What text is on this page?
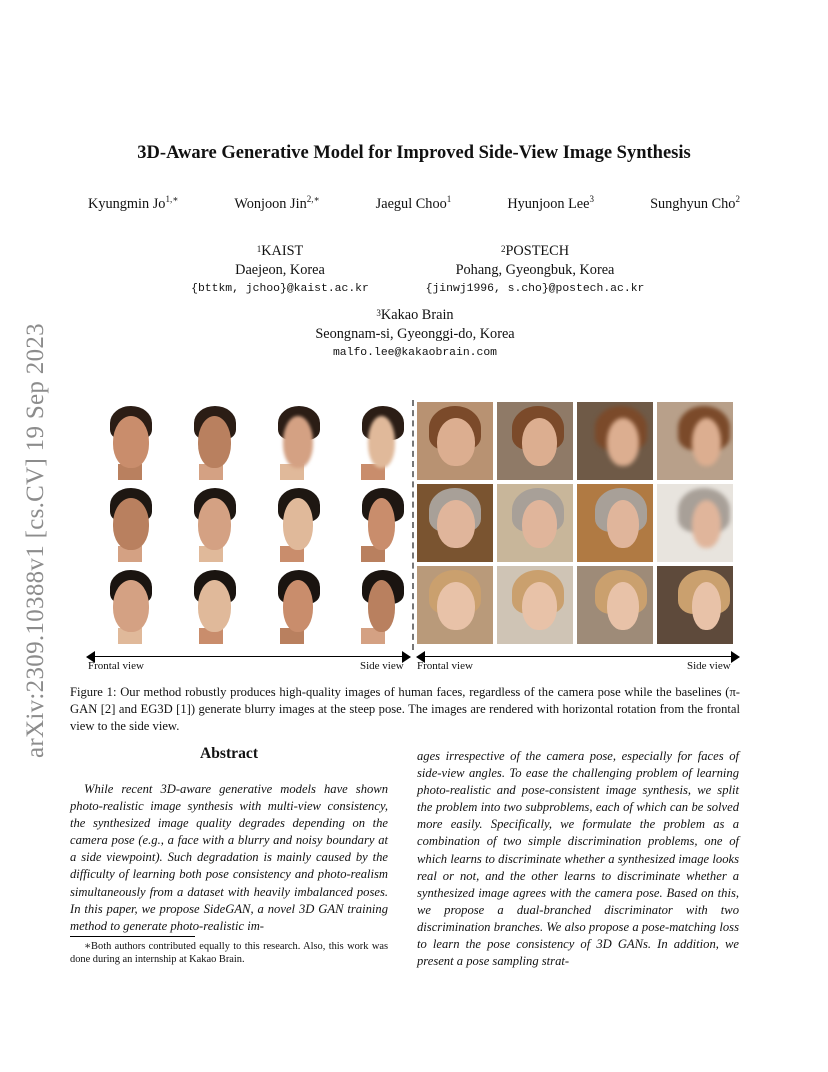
arXiv:2309.10388v1 [cs.CV] 19 Sep 2023
3D-Aware Generative Model for Improved Side-View Image Synthesis
Kyungmin $Jo^{1,∗}$	Wonjoon Jin$^{2,∗}$	Jaegul Choo$^1$	Hyunjoon Lee$^3$	Sunghyun Cho$^2$
$^1$KAIST
Daejeon, Korea
{bttkm, jchoo}@kaist.ac.kr
$^2$POSTECH
Pohang, Gyeongbuk, Korea
{jinwj1996, s.cho}@postech.ac.kr
$^3$Kakao Brain
Seongnam-si, Gyeonggi-do, Korea
malfo.lee@kakaobrain.com
Frontal view	Side view Frontal view	Side view
Figure 1: Our method robustly produces high-quality images of human faces, regardless of the camera pose while the baselines (π-GAN [2] and EG3D [1]) generate blurry images at the steep pose. The images are rendered with horizontal rotation from the frontal view to the side view.
Abstract
While recent 3D-aware generative models have shown photo-realistic image synthesis with multi-view consistency, the synthesized image quality degrades depending on the camera pose (e.g., a face with a blurry and noisy boundary at a side viewpoint). Such degradation is mainly caused by the difficulty of learning both pose consistency and photo-realism simultaneously from a dataset with heavily imbalanced poses. In this paper, we propose SideGAN, a novel 3D GAN training method to generate photo-realistic im-
ages irrespective of the camera pose, especially for faces of side-view angles. To ease the challenging problem of learning photo-realistic and pose-consistent image synthesis, we split the problem into two subproblems, each of which can be solved more easily. Specifically, we formulate the problem as a combination of two simple discrimination problems, one of which learns to discriminate whether a synthesized image looks real or not, and the other learns to discriminate whether a synthesized image agrees with the camera pose. Based on this, we propose a dual-branched discriminator with two discrimination branches. We also propose a pose-matching loss to learn the pose consistency of 3D GANs. In addition, we present a pose sampling strat-
∗Both authors contributed equally to this research. Also, this work was done during an internship at Kakao Brain.
